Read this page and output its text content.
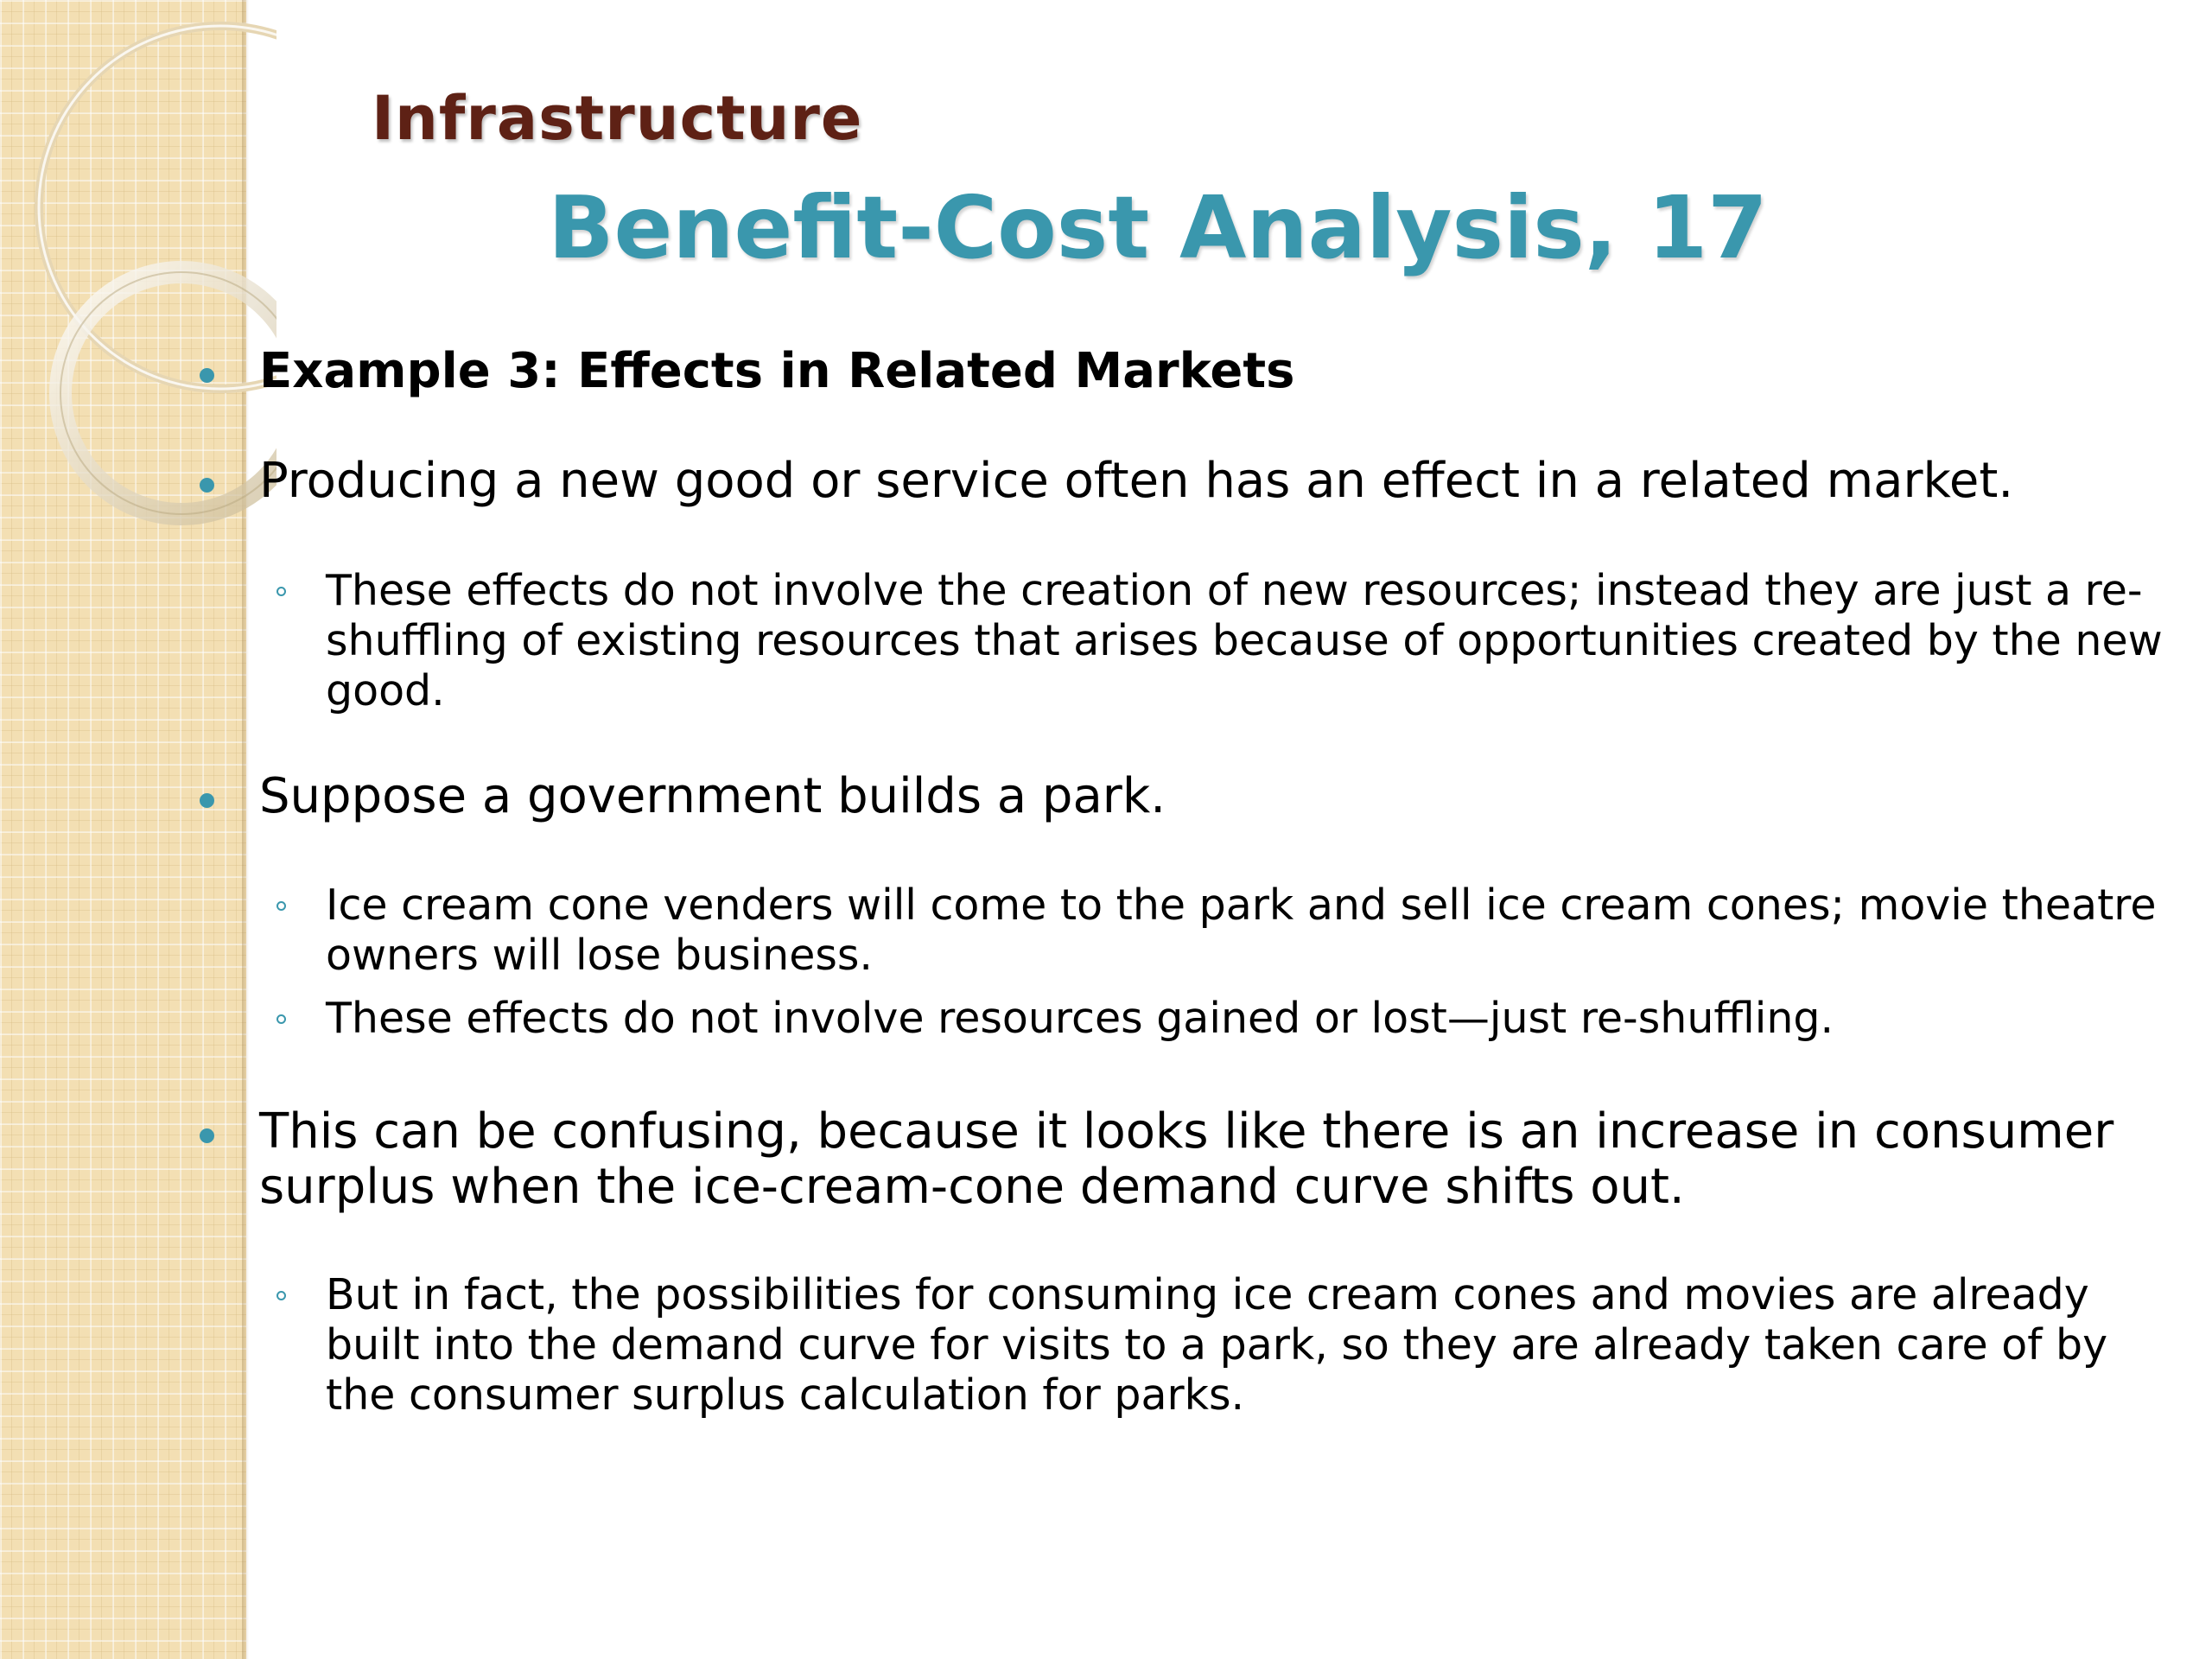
Infrastructure
Benefit-Cost Analysis, 17
Example 3: Effects in Related Markets
Producing a new good or service often has an effect in a related market.
These effects do not involve the creation of new resources; instead they are just a re-shuffling of existing resources that arises because of opportunities created by the new good.
Suppose a government builds a park.
Ice cream cone venders will come to the park and sell ice cream cones; movie theatre owners will lose business.
These effects do not involve resources gained or lost—just re-shuffling.
This can be confusing, because it looks like there is an increase in consumer surplus when the ice-cream-cone demand curve shifts out.
But in fact, the possibilities for consuming ice cream cones and movies are already built into the demand curve for visits to a park, so they are already taken care of by the consumer surplus calculation for parks.
